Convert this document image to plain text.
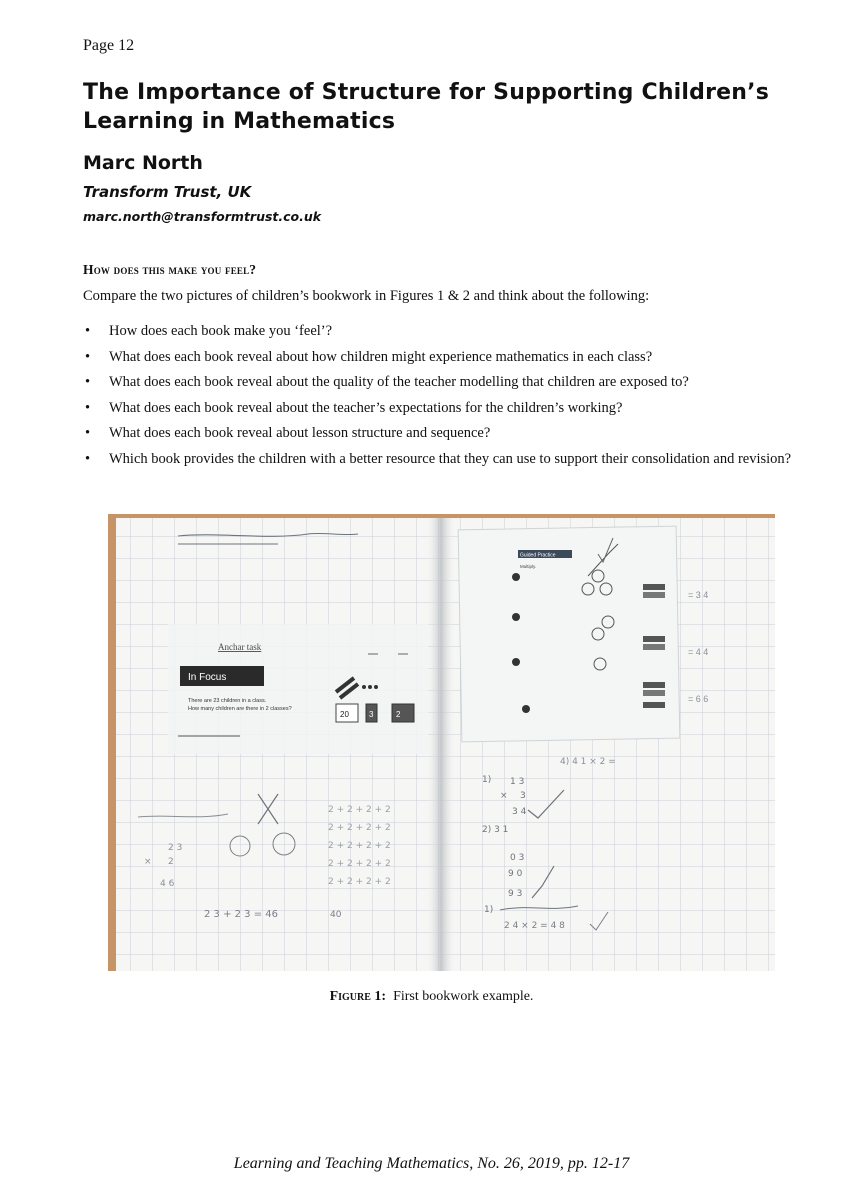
Page 12
The Importance of Structure for Supporting Children’s Learning in Mathematics
Marc North
Transform Trust, UK
marc.north@transformtrust.co.uk
How does this make you feel?
Compare the two pictures of children’s bookwork in Figures 1 & 2 and think about the following:
• How does each book make you ‘feel’?
• What does each book reveal about how children might experience mathematics in each class?
• What does each book reveal about the quality of the teacher modelling that children are exposed to?
• What does each book reveal about the teacher’s expectations for the children’s working?
• What does each book reveal about lesson structure and sequence?
• Which book provides the children with a better resource that they can use to support their consolidation and revision?
Anchar task
In Focus
There are 23 children in a class.
How many children are there in 2 classes?
20	3	2
Guided Practice
Multiply.
= 3 4
= 4 4
= 6 6
2 3 + 2 3 = 46	40
2 3
× 2
4 6
2 + 2 + 2 + 2
2 + 2 + 2 + 2
2 + 2 + 2 + 2
2 + 2 + 2 + 2
2 + 2 + 2 + 2
4) 4 1 × 2 =
1) 1 3
× 3
3 4
2) 3 1
0 3
9 0
9 3
1)
2 4 × 2 = 4 8
Figure 1: First bookwork example.
Learning and Teaching Mathematics, No. 26, 2019, pp. 12-17
